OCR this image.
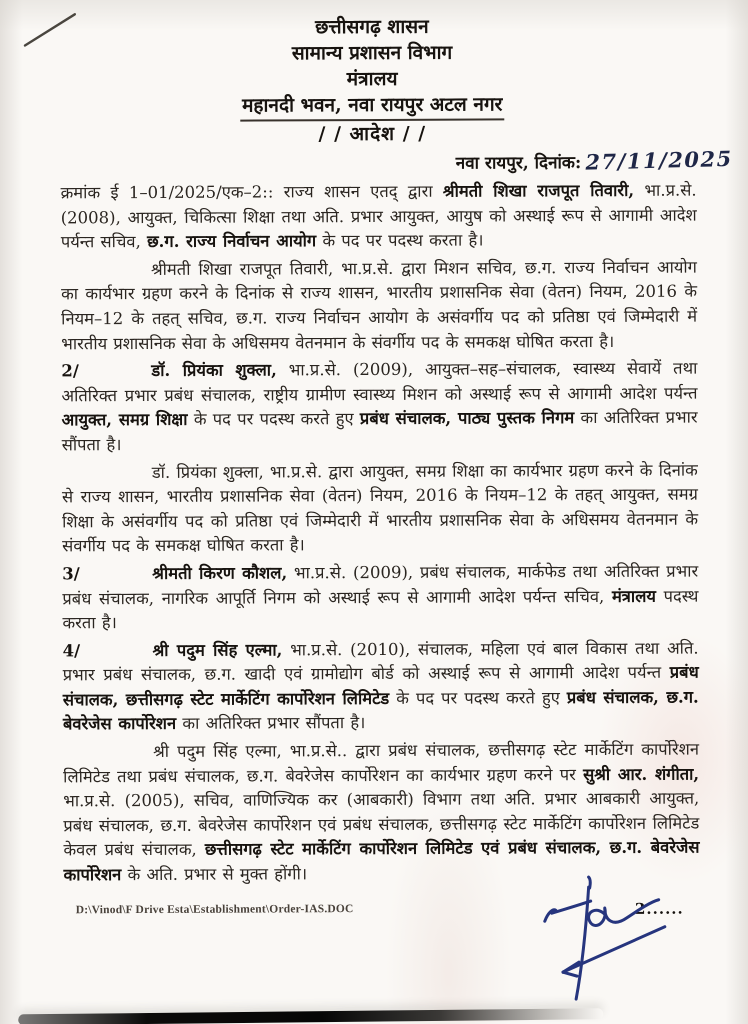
छत्तीसगढ़ शासन
सामान्य प्रशासन विभाग
मंत्रालय
महानदी भवन, नवा रायपुर अटल नगर
/ / आदेश / /
नवा रायपुर, दिनांक: 27/11/2025

क्रमांक ई 1–01/2025/एक–2:: राज्य शासन एतद् द्वारा श्रीमती शिखा राजपूत तिवारी, भा.प्र.से. (2008), आयुक्त, चिकित्सा शिक्षा तथा अति. प्रभार आयुक्त, आयुष को अस्थाई रूप से आगामी आदेश पर्यन्त सचिव, छ.ग. राज्य निर्वाचन आयोग के पद पर पदस्थ करता है।

श्रीमती शिखा राजपूत तिवारी, भा.प्र.से. द्वारा मिशन सचिव, छ.ग. राज्य निर्वाचन आयोग का कार्यभार ग्रहण करने के दिनांक से राज्य शासन, भारतीय प्रशासनिक सेवा (वेतन) नियम, 2016 के नियम–12 के तहत् सचिव, छ.ग. राज्य निर्वाचन आयोग के असंवर्गीय पद को प्रतिष्ठा एवं जिम्मेदारी में भारतीय प्रशासनिक सेवा के अधिसमय वेतनमान के संवर्गीय पद के समकक्ष घोषित करता है।

2/	डॉ. प्रियंका शुक्ला, भा.प्र.से. (2009), आयुक्त–सह–संचालक, स्वास्थ्य सेवायें तथा अतिरिक्त प्रभार प्रबंध संचालक, राष्ट्रीय ग्रामीण स्वास्थ्य मिशन को अस्थाई रूप से आगामी आदेश पर्यन्त आयुक्त, समग्र शिक्षा के पद पर पदस्थ करते हुए प्रबंध संचालक, पाठ्य पुस्तक निगम का अतिरिक्त प्रभार सौंपता है।

डॉ. प्रियंका शुक्ला, भा.प्र.से. द्वारा आयुक्त, समग्र शिक्षा का कार्यभार ग्रहण करने के दिनांक से राज्य शासन, भारतीय प्रशासनिक सेवा (वेतन) नियम, 2016 के नियम–12 के तहत् आयुक्त, समग्र शिक्षा के असंवर्गीय पद को प्रतिष्ठा एवं जिम्मेदारी में भारतीय प्रशासनिक सेवा के अधिसमय वेतनमान के संवर्गीय पद के समकक्ष घोषित करता है।

3/	श्रीमती किरण कौशल, भा.प्र.से. (2009), प्रबंध संचालक, मार्कफेड तथा अतिरिक्त प्रभार प्रबंध संचालक, नागरिक आपूर्ति निगम को अस्थाई रूप से आगामी आदेश पर्यन्त सचिव, मंत्रालय पदस्थ करता है।

4/	श्री पदुम सिंह एल्मा, भा.प्र.से. (2010), संचालक, महिला एवं बाल विकास तथा अति. प्रभार प्रबंध संचालक, छ.ग. खादी एवं ग्रामोद्योग बोर्ड को अस्थाई रूप से आगामी आदेश पर्यन्त प्रबंध संचालक, छत्तीसगढ़ स्टेट मार्केटिंग कार्पोरेशन लिमिटेड के पद पर पदस्थ करते हुए प्रबंध संचालक, छ.ग. बेवरेजेस कार्पोरेशन का अतिरिक्त प्रभार सौंपता है।

श्री पदुम सिंह एल्मा, भा.प्र.से.. द्वारा प्रबंध संचालक, छत्तीसगढ़ स्टेट मार्केटिंग कार्पोरेशन लिमिटेड तथा प्रबंध संचालक, छ.ग. बेवरेजेस कार्पोरेशन का कार्यभार ग्रहण करने पर सुश्री आर. शंगीता, भा.प्र.से. (2005), सचिव, वाणिज्यिक कर (आबकारी) विभाग तथा अति. प्रभार आबकारी आयुक्त, प्रबंध संचालक, छ.ग. बेवरेजेस कार्पोरेशन एवं प्रबंध संचालक, छत्तीसगढ़ स्टेट मार्केटिंग कार्पोरेशन लिमिटेड केवल प्रबंध संचालक, छत्तीसगढ़ स्टेट मार्केटिंग कार्पोरेशन लिमिटेड एवं प्रबंध संचालक, छ.ग. बेवरेजेस कार्पोरेशन के अति. प्रभार से मुक्त होंगी।

2......
D:\Vinod\F Drive Esta\Establishment\Order-IAS.DOC
